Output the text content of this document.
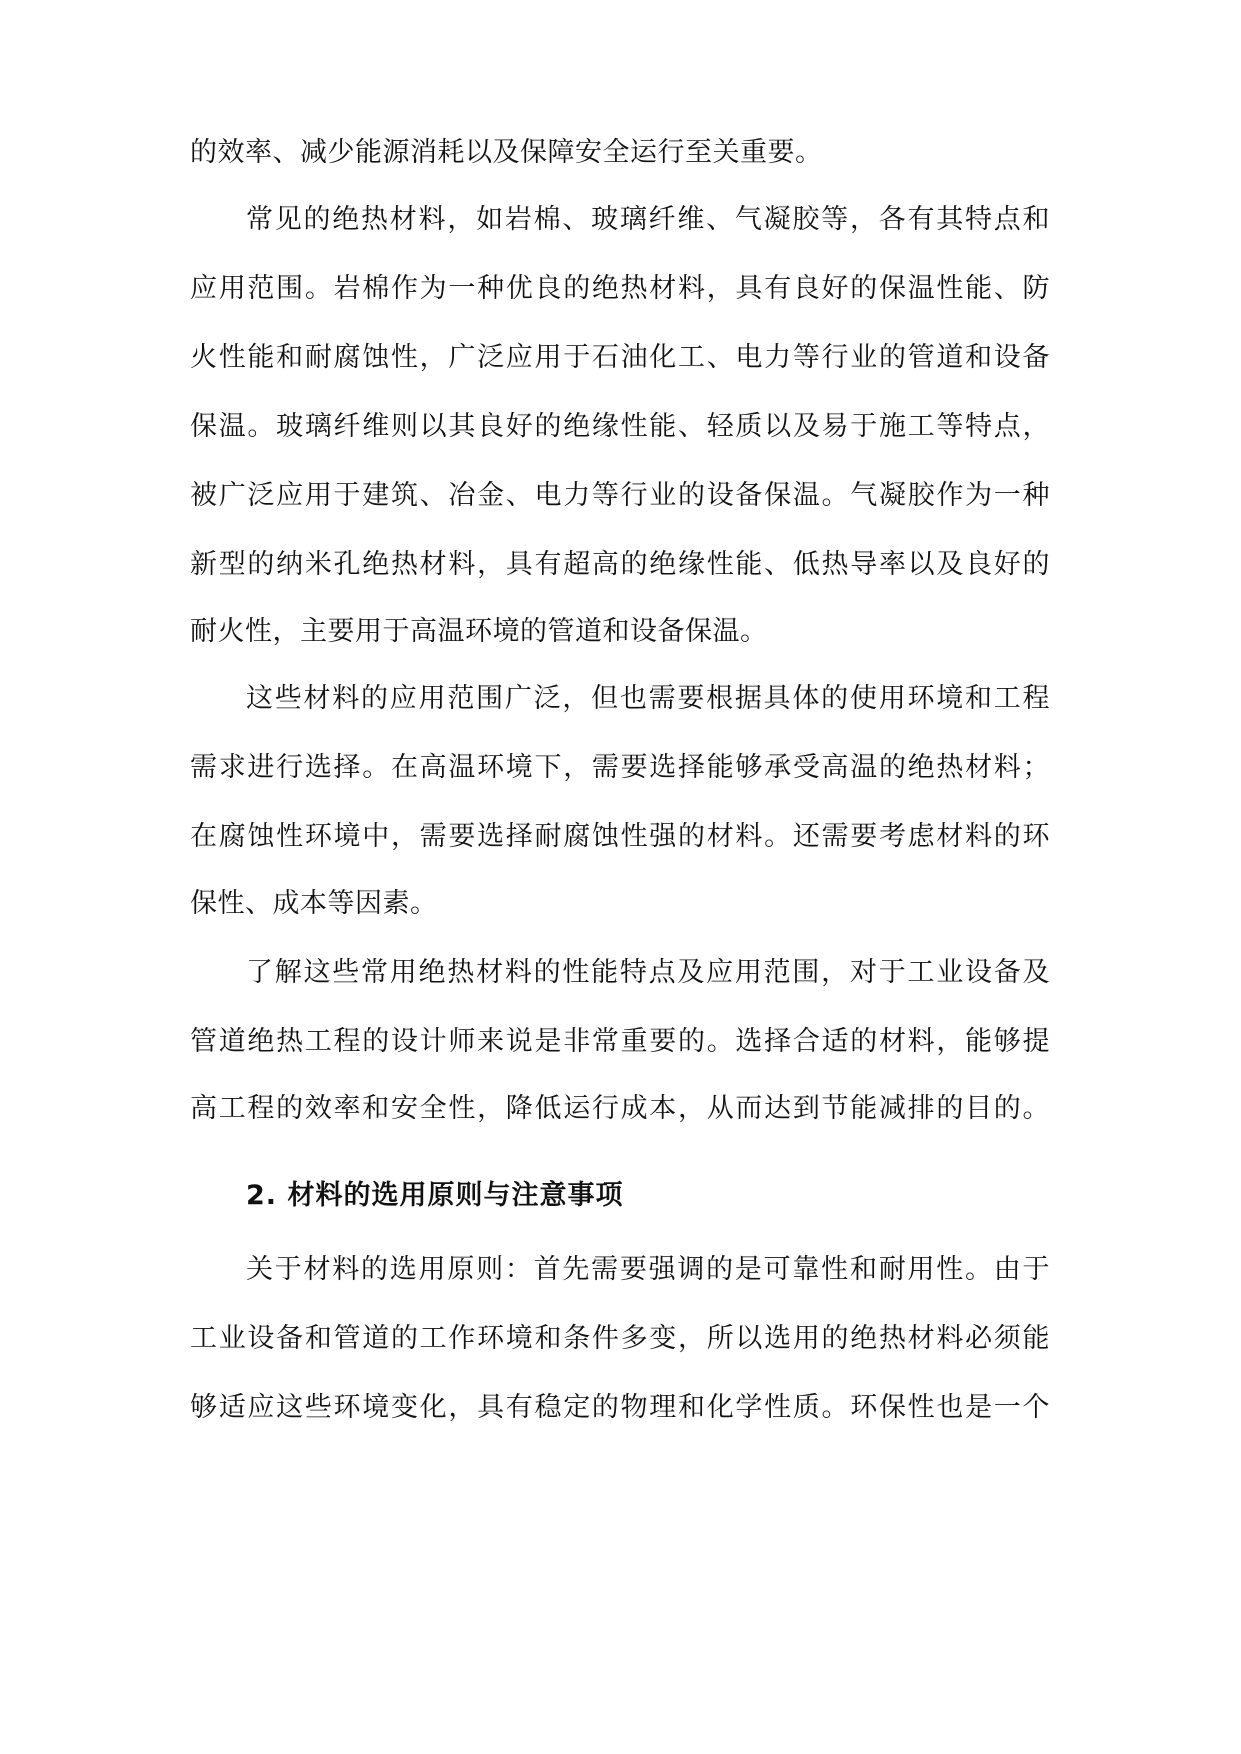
的效率、减少能源消耗以及保障安全运行至关重要。
常见的绝热材料，如岩棉、玻璃纤维、气凝胶等，各有其特点和
应用范围。岩棉作为一种优良的绝热材料，具有良好的保温性能、防
火性能和耐腐蚀性，广泛应用于石油化工、电力等行业的管道和设备
保温。玻璃纤维则以其良好的绝缘性能、轻质以及易于施工等特点，
被广泛应用于建筑、冶金、电力等行业的设备保温。气凝胶作为一种
新型的纳米孔绝热材料，具有超高的绝缘性能、低热导率以及良好的
耐火性，主要用于高温环境的管道和设备保温。
这些材料的应用范围广泛，但也需要根据具体的使用环境和工程
需求进行选择。在高温环境下，需要选择能够承受高温的绝热材料；
在腐蚀性环境中，需要选择耐腐蚀性强的材料。还需要考虑材料的环
保性、成本等因素。
了解这些常用绝热材料的性能特点及应用范围，对于工业设备及
管道绝热工程的设计师来说是非常重要的。选择合适的材料，能够提
高工程的效率和安全性，降低运行成本，从而达到节能减排的目的。
2. 材料的选用原则与注意事项
关于材料的选用原则：首先需要强调的是可靠性和耐用性。由于
工业设备和管道的工作环境和条件多变，所以选用的绝热材料必须能
够适应这些环境变化，具有稳定的物理和化学性质。环保性也是一个
